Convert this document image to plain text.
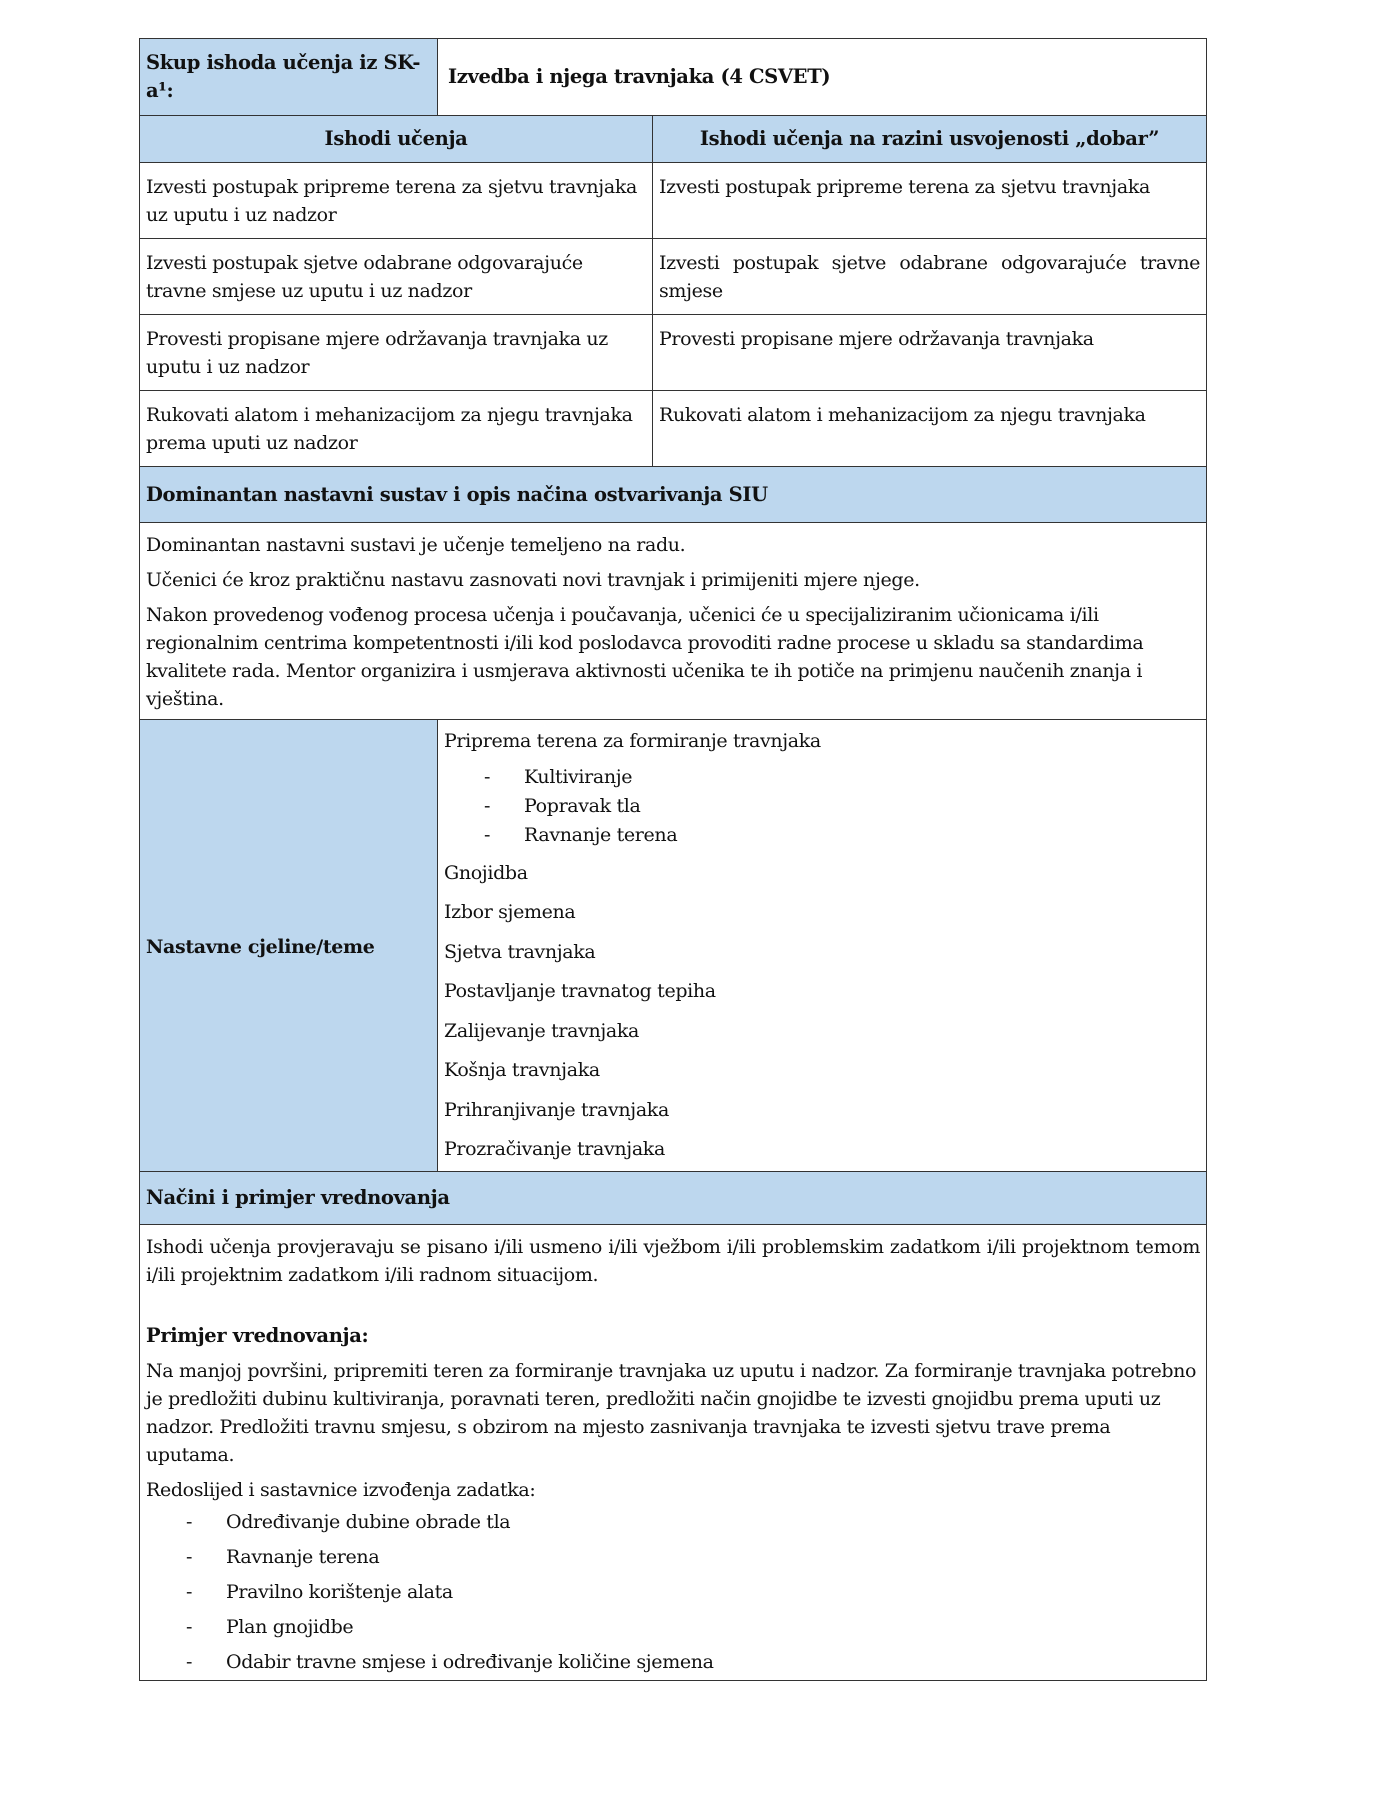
Skup ishoda učenja iz SK-a¹:	Izvedba i njega travnjaka (4 CSVET)	

Ishodi učenja		Ishodi učenja na razini usvojenosti „dobar”

Izvesti postupak pripreme terena za sjetvu travnjaka uz uputu i uz nadzor		Izvesti postupak pripreme terena za sjetvu travnjaka

Izvesti postupak sjetve odabrane odgovarajuće travne smjese uz uputu i uz nadzor		Izvesti postupak sjetve odabrane odgovarajuće travne smjese

Provesti propisane mjere održavanja travnjaka uz uputu i uz nadzor		Provesti propisane mjere održavanja travnjaka

Rukovati alatom i mehanizacijom za njegu travnjaka prema uputi uz nadzor		Rukovati alatom i mehanizacijom za njegu travnjaka

Dominantan nastavni sustav i opis načina ostvarivanja SIU		

Dominantan nastavni sustavi je učenje temeljeno na radu.

Učenici će kroz praktičnu nastavu zasnovati novi travnjak i primijeniti mjere njege.

Nakon provedenog vođenog procesa učenja i poučavanja, učenici će u specijaliziranim učionicama i/ili regionalnim centrima kompetentnosti i/ili kod poslodavca provoditi radne procese u skladu sa standardima kvalitete rada. Mentor organizira i usmjerava aktivnosti učenika te ih potiče na primjenu naučenih znanja i vještina.		

Nastavne cjeline/teme

Priprema terena za formiranje travnjaka

-	Kultiviranje
-	Popravak tla
-	Ravnanje terena

Gnojidba

Izbor sjemena

Sjetva travnjaka

Postavljanje travnatog tepiha

Zalijevanje travnjaka

Košnja travnjaka

Prihranjivanje travnjaka

Prozračivanje travnjaka

Načini i primjer vrednovanja		

Ishodi učenja provjeravaju se pisano i/ili usmeno i/ili vježbom i/ili problemskim zadatkom i/ili projektnom temom i/ili projektnim zadatkom i/ili radnom situacijom.

Primjer vrednovanja:

Na manjoj površini, pripremiti teren za formiranje travnjaka uz uputu i nadzor. Za formiranje travnjaka potrebno je predložiti dubinu kultiviranja, poravnati teren, predložiti način gnojidbe te izvesti gnojidbu prema uputi uz nadzor. Predložiti travnu smjesu, s obzirom na mjesto zasnivanja travnjaka te izvesti sjetvu trave prema uputama.

Redoslijed i sastavnice izvođenja zadatka:

-	Određivanje dubine obrade tla
-	Ravnanje terena
-	Pravilno korištenje alata
-	Plan gnojidbe
-	Odabir travne smjese i određivanje količine sjemena
